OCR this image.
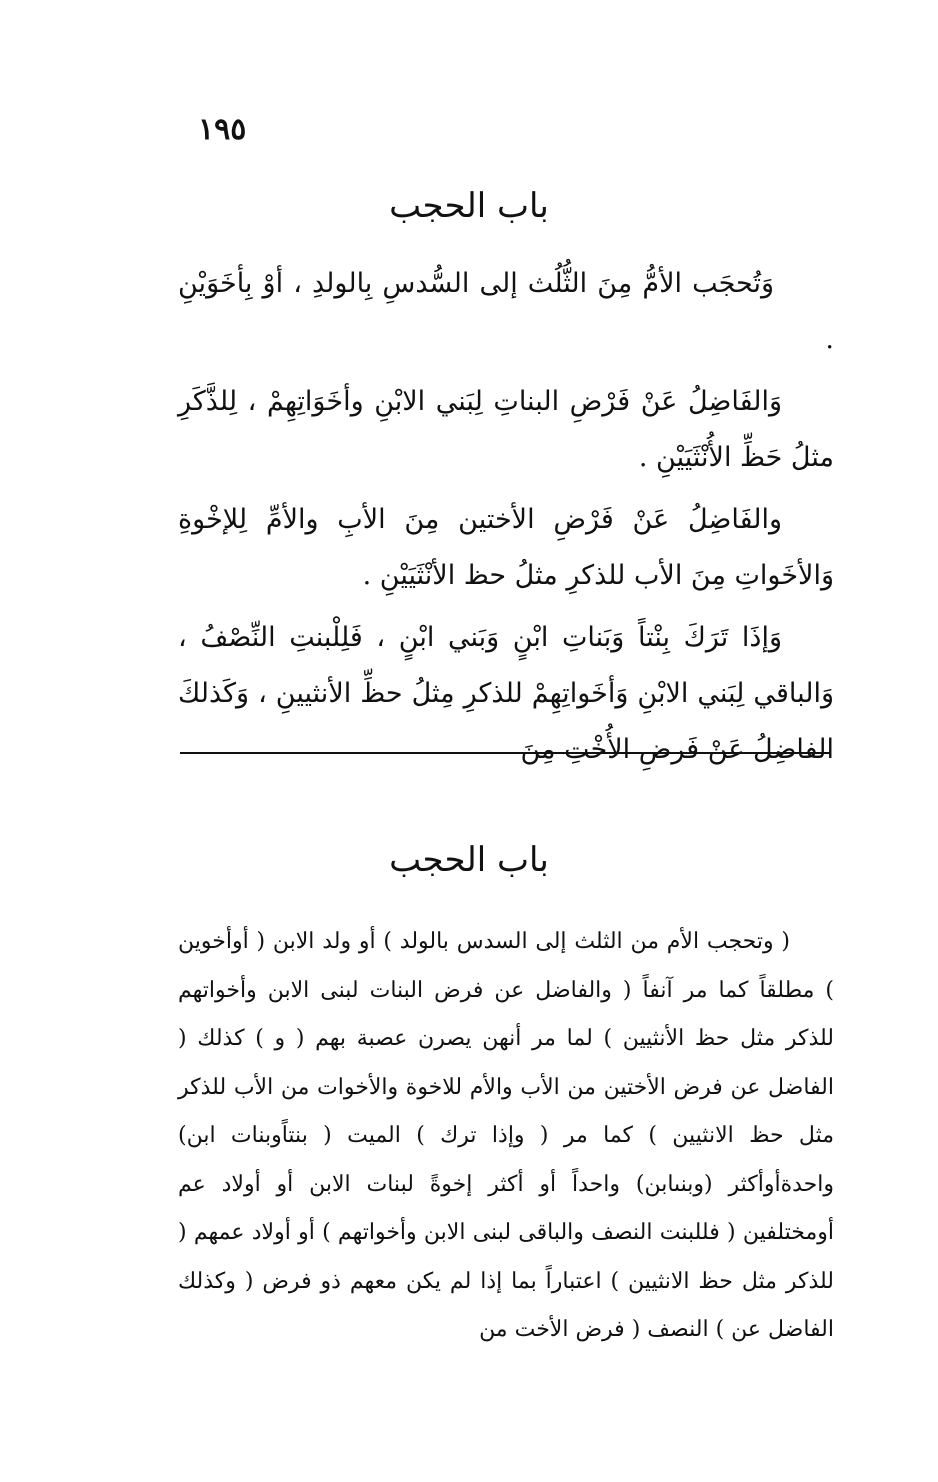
١٩٥
باب الحجب

وَتُحجَب الأمُّ مِنَ الثُّلُث إلى السُّدسِ بِالولدِ ، أوْ بِأخَوَيْنِ .

وَالفَاضِلُ عَنْ فَرْضِ البناتِ لِبَني الابْنِ وأخَوَاتِهِمْ ، لِلذَّكَرِ مثلُ حَظِّ الأُنْثَيَيْنِ .

والفَاضِلُ عَنْ فَرْضِ الأختين مِنَ الأبِ والأمِّ لِلإخْوةِ وَالأخَواتِ مِنَ الأب للذكرِ مثلُ حظ الأنْثَيَيْنِ .

وَإذَا تَرَكَ بِنْتاً وَبَناتِ ابْنٍ وَبَني ابْنٍ ، فَلِلْبنتِ النِّصْفُ ، وَالباقي لِبَني الابْنِ وَأخَواتِهِمْ للذكرِ مِثلُ حظِّ الأنثيينِ ، وَكَذلكَ الفاضِلُ عَنْ فَرضِ الأُخْتِ مِنَ

باب الحجب

( وتحجب الأم من الثلث إلى السدس بالولد ) أو ولد الابن ( أوأخوين ) مطلقاً كما مر آنفاً ( والفاضل عن فرض البنات لبنى الابن وأخواتهم للذكر مثل حظ الأنثيين ) لما مر أنهن يصرن عصبة بهم ( و ) كذلك ( الفاضل عن فرض الأختين من الأب والأم للاخوة والأخوات من الأب للذكر مثل حظ الانثيين ) كما مر ( وإذا ترك ) الميت ( بنتاًوبنات ابن) واحدةأوأكثر (وبنىابن) واحداً أو أكثر إخوةً لبنات الابن أو أولاد عم أومختلفين ( فللبنت النصف والباقى لبنى الابن وأخواتهم ) أو أولاد عمهم ( للذكر مثل حظ الانثيين ) اعتباراً بما إذا لم يكن معهم ذو فرض ( وكذلك الفاضل عن ) النصف ( فرض الأخت من
